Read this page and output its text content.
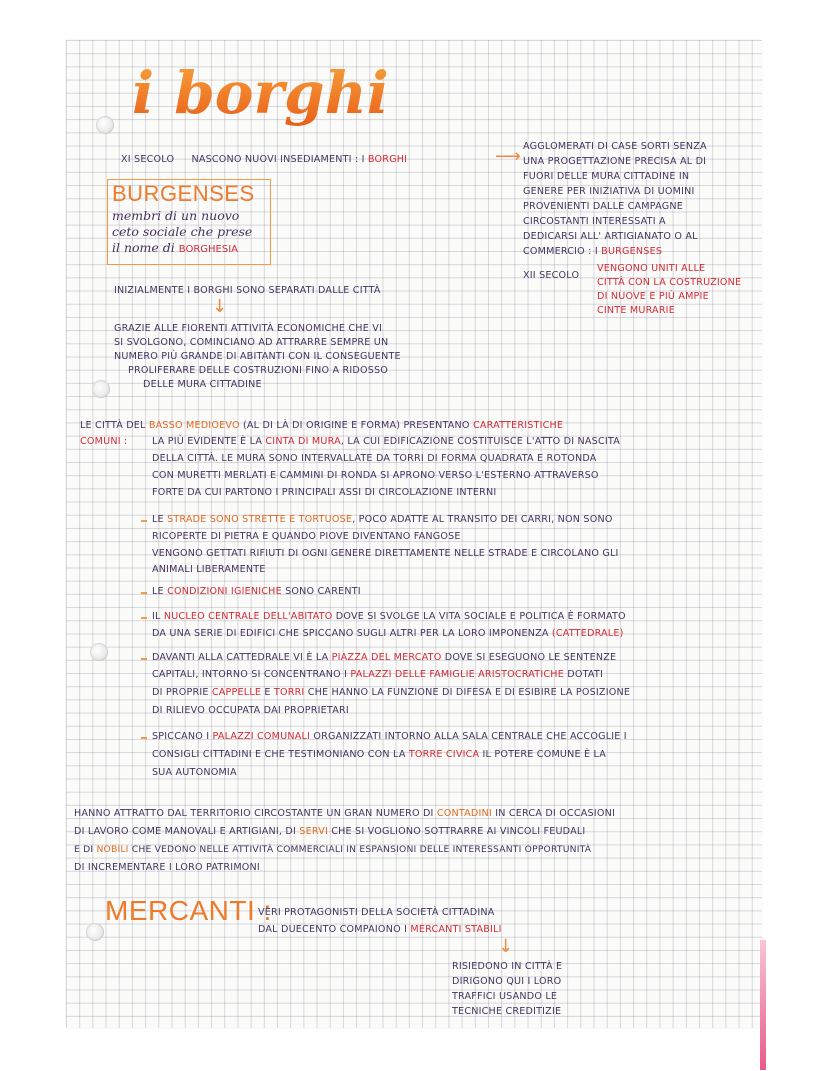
i borghi
XI SECOLO NASCONO NUOVI INSEDIAMENTI : I BORGHI	⟶ AGGLOMERATI DI CASE SORTI SENZA
UNA PROGETTAZIONE PRECISA AL DI
FUORI DELLE MURA CITTADINE IN
GENERE PER INIZIATIVA DI UOMINI
PROVENIENTI DALLE CAMPAGNE
CIRCOSTANTI INTERESSATI A
DEDICARSI ALL' ARTIGIANATO O AL
COMMERCIO : I BURGENSES
XII SECOLO
VENGONO UNITI ALLE
CITTÀ CON LA COSTRUZIONE
DI NUOVE E PIÙ AMPIE
CINTE MURARIE
BURGENSES
membri di un nuovo
ceto sociale che prese
il nome di BORGHESIA
INIZIALMENTE I BORGHI SONO SEPARATI DALLE CITTÀ
↓
GRAZIE ALLE FIORENTI ATTIVITÀ ECONOMICHE CHE VI
SI SVOLGONO, COMINCIANO AD ATTRARRE SEMPRE UN
NUMERO PIÙ GRANDE DI ABITANTI CON IL CONSEGUENTE
PROLIFERARE DELLE COSTRUZIONI FINO A RIDOSSO
DELLE MURA CITTADINE
LE CITTÀ DEL BASSO MEDIOEVO (AL DI LÀ DI ORIGINE E FORMA) PRESENTANO CARATTERISTICHE
COMUNI :	LA PIÙ EVIDENTE È LA CINTA DI MURA, LA CUI EDIFICAZIONE COSTITUISCE L'ATTO DI NASCITA
DELLA CITTÀ. LE MURA SONO INTERVALLATE DA TORRI DI FORMA QUADRATA E ROTONDA
CON MURETTI MERLATI E CAMMINI DI RONDA SI APRONO VERSO L'ESTERNO ATTRAVERSO
FORTE DA CUI PARTONO I PRINCIPALI ASSI DI CIRCOLAZIONE INTERNI
LE STRADE SONO STRETTE E TORTUOSE, POCO ADATTE AL TRANSITO DEI CARRI, NON SONO
RICOPERTE DI PIETRA E QUANDO PIOVE DIVENTANO FANGOSE
VENGONO GETTATI RIFIUTI DI OGNI GENERE DIRETTAMENTE NELLE STRADE E CIRCOLANO GLI
ANIMALI LIBERAMENTE
LE CONDIZIONI IGIENICHE SONO CARENTI
IL NUCLEO CENTRALE DELL'ABITATO DOVE SI SVOLGE LA VITA SOCIALE E POLITICA È FORMATO
DA UNA SERIE DI EDIFICI CHE SPICCANO SUGLI ALTRI PER LA LORO IMPONENZA (CATTEDRALE)
DAVANTI ALLA CATTEDRALE VI È LA PIAZZA DEL MERCATO DOVE SI ESEGUONO LE SENTENZE
CAPITALI, INTORNO SI CONCENTRANO I PALAZZI DELLE FAMIGLIE ARISTOCRATICHE DOTATI
DI PROPRIE CAPPELLE E TORRI CHE HANNO LA FUNZIONE DI DIFESA E DI ESIBIRE LA POSIZIONE
DI RILIEVO OCCUPATA DAI PROPRIETARI
SPICCANO I PALAZZI COMUNALI ORGANIZZATI INTORNO ALLA SALA CENTRALE CHE ACCOGLIE I
CONSIGLI CITTADINI E CHE TESTIMONIANO CON LA TORRE CIVICA IL POTERE COMUNE È LA
SUA AUTONOMIA
HANNO ATTRATTO DAL TERRITORIO CIRCOSTANTE UN GRAN NUMERO DI CONTADINI IN CERCA DI OCCASIONI
DI LAVORO COME MANOVALI E ARTIGIANI, DI SERVI CHE SI VOGLIONO SOTTRARRE AI VINCOLI FEUDALI
E DI NOBILI CHE VEDONO NELLE ATTIVITÀ COMMERCIALI IN ESPANSIONI DELLE INTERESSANTI OPPORTUNITÀ
DI INCREMENTARE I LORO PATRIMONI
MERCANTI :
VERI PROTAGONISTI DELLA SOCIETÀ CITTADINA
DAL DUECENTO COMPAIONO I MERCANTI STABILI
↓
RISIEDONO IN CITTÀ E
DIRIGONO QUI I LORO
TRAFFICI USANDO LE
TECNICHE CREDITIZIE
